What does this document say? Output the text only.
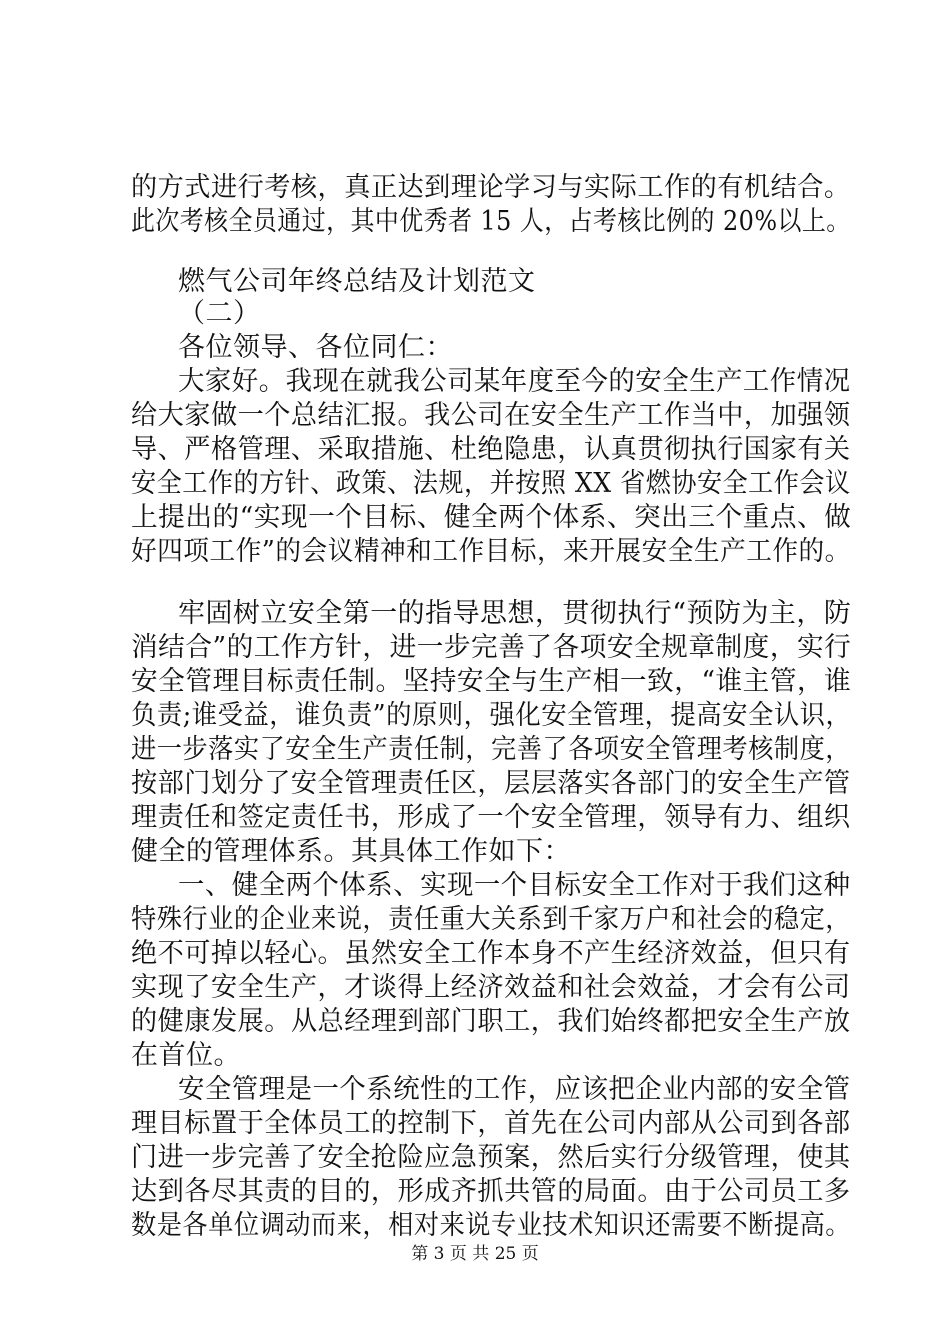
的方式进行考核，真正达到理论学习与实际工作的有机结合。
此次考核全员通过，其中优秀者 15 人，占考核比例的 20%以上。
燃气公司年终总结及计划范文
（二）
各位领导、各位同仁：
大家好。我现在就我公司某年度至今的安全生产工作情况
给大家做一个总结汇报。我公司在安全生产工作当中，加强领
导、严格管理、采取措施、杜绝隐患，认真贯彻执行国家有关
安全工作的方针、政策、法规，并按照 XX 省燃协安全工作会议
上提出的“实现一个目标、健全两个体系、突出三个重点、做
好四项工作”的会议精神和工作目标，来开展安全生产工作的。
牢固树立安全第一的指导思想，贯彻执行“预防为主，防
消结合”的工作方针，进一步完善了各项安全规章制度，实行
安全管理目标责任制。坚持安全与生产相一致，“谁主管，谁
负责;谁受益，谁负责”的原则，强化安全管理，提高安全认识，
进一步落实了安全生产责任制，完善了各项安全管理考核制度，
按部门划分了安全管理责任区，层层落实各部门的安全生产管
理责任和签定责任书，形成了一个安全管理，领导有力、组织
健全的管理体系。其具体工作如下：
一、健全两个体系、实现一个目标安全工作对于我们这种
特殊行业的企业来说，责任重大关系到千家万户和社会的稳定，
绝不可掉以轻心。虽然安全工作本身不产生经济效益，但只有
实现了安全生产，才谈得上经济效益和社会效益，才会有公司
的健康发展。从总经理到部门职工，我们始终都把安全生产放
在首位。
安全管理是一个系统性的工作，应该把企业内部的安全管
理目标置于全体员工的控制下，首先在公司内部从公司到各部
门进一步完善了安全抢险应急预案，然后实行分级管理，使其
达到各尽其责的目的，形成齐抓共管的局面。由于公司员工多
数是各单位调动而来，相对来说专业技术知识还需要不断提高。
第 3 页 共 25 页
